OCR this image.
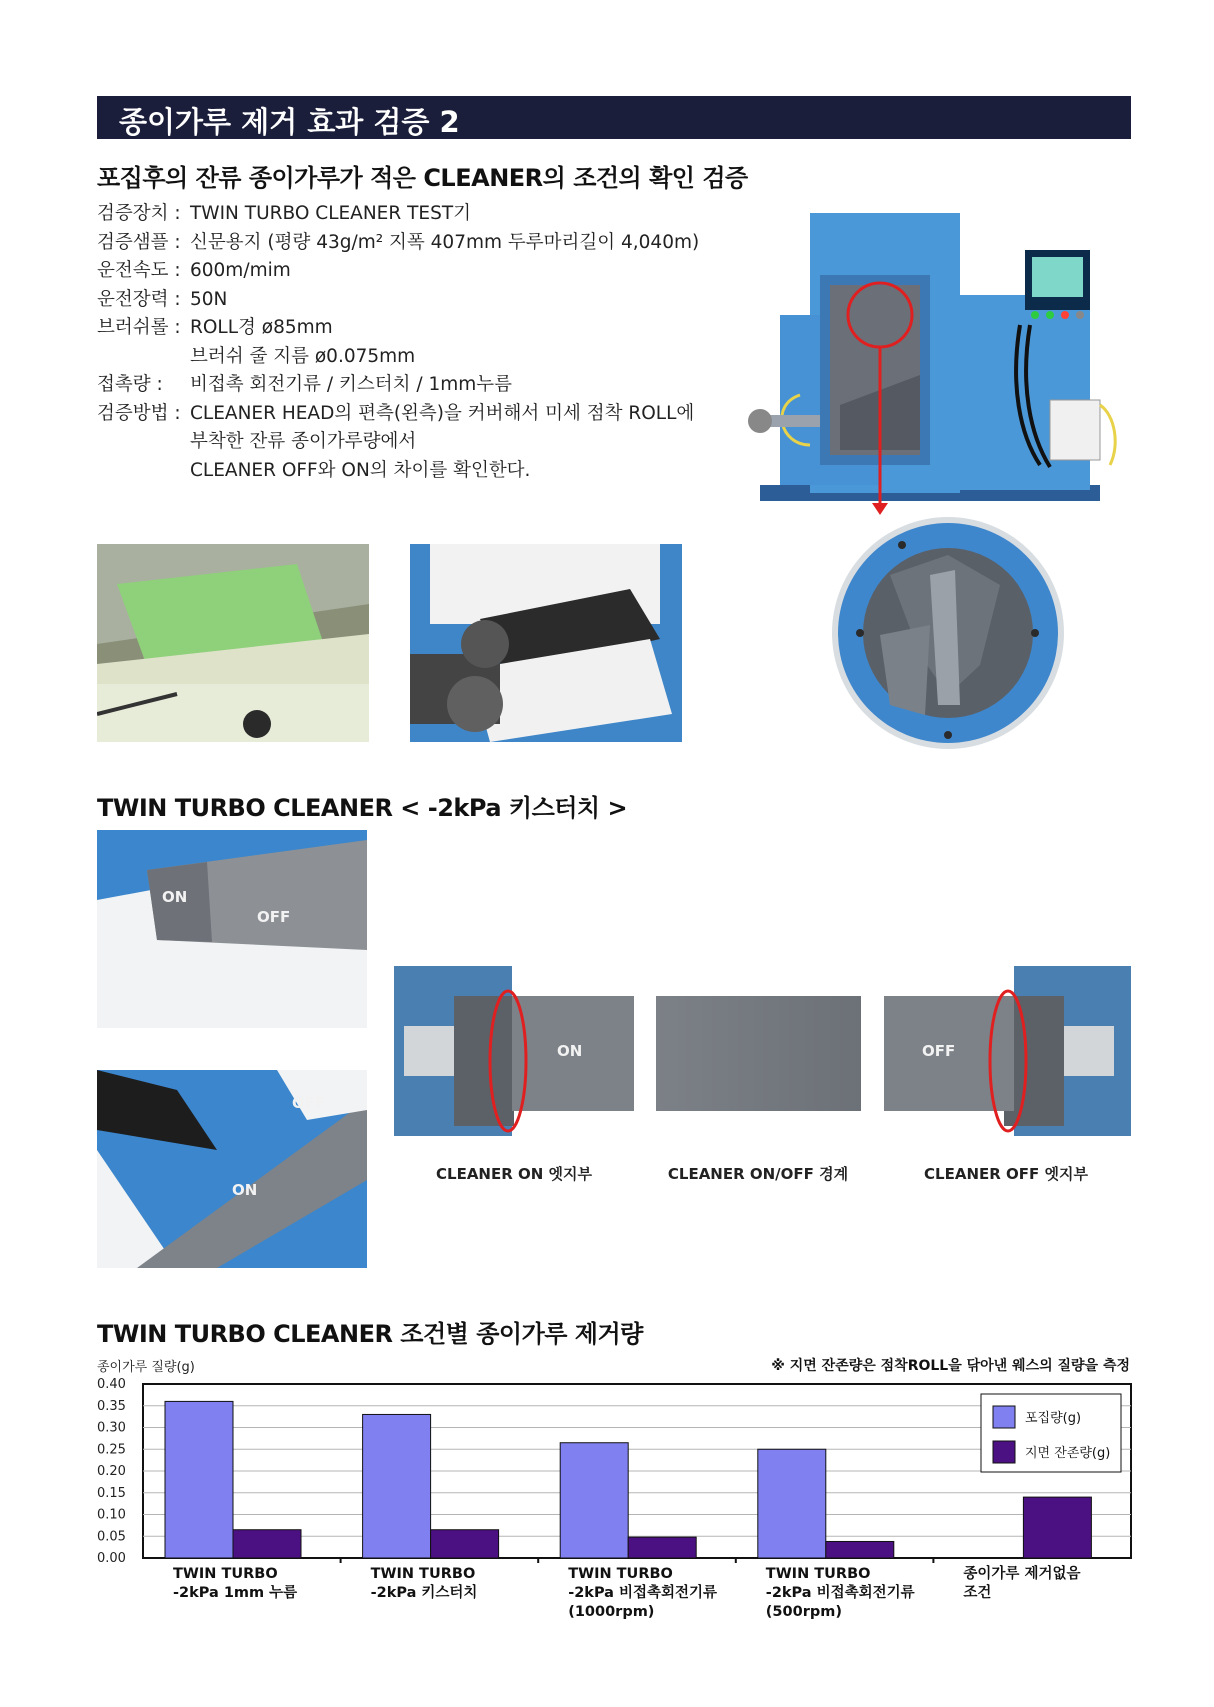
종이가루 제거 효과 검증 2
포집후의 잔류 종이가루가 적은 CLEANER의 조건의 확인 검증
검증장치 : TWIN TURBO CLEANER TEST기
검증샘플 : 신문용지 (평량 43g/m² 지폭 407mm 두루마리길이 4,040m)
운전속도 : 600m/mim
운전장력 : 50N
브러쉬롤 : ROLL경 ø85mm
브러쉬 줄 지름 ø0.075mm
접촉량 :	비접촉 회전기류 / 키스터치 / 1mm누름
검증방법 : CLEANER HEAD의 편측(왼측)을 커버해서 미세 점착 ROLL에
부착한 잔류 종이가루량에서
CLEANER OFF와 ON의 차이를 확인한다.
TWIN TURBO CLEANER < -2kPa 키스터치 >
ON
OFF
OFF
ON
ON	OFF
CLEANER ON 엣지부	CLEANER ON/OFF 경계	CLEANER OFF 엣지부
TWIN TURBO CLEANER 조건별 종이가루 제거량
종이가루 질량(g)	※ 지면 잔존량은 점착ROLL을 닦아낸 웨스의 질량을 측정
0.40
0.35
0.30
0.25
0.20
0.15
0.10
0.05
0.00
TWIN TURBO
-2kPa 1mm 누름
TWIN TURBO
-2kPa 키스터치
TWIN TURBO
-2kPa 비접촉회전기류
(1000rpm)
TWIN TURBO
-2kPa 비접촉회전기류
(500rpm)
종이가루 제거없음
조건
포집량(g)
지면 잔존량(g)
